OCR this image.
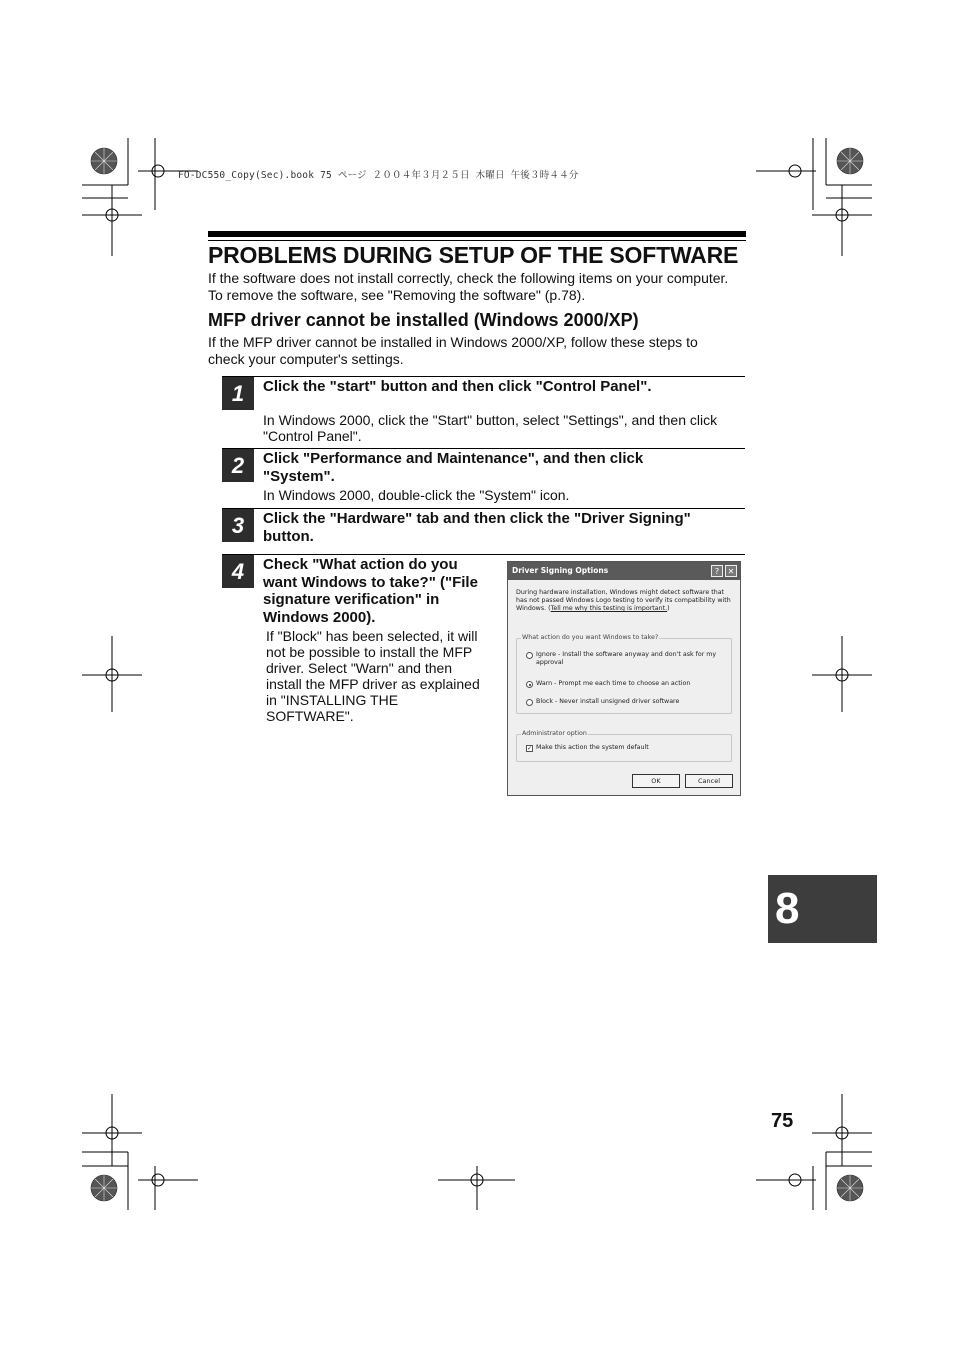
FO-DC550_Copy(Sec).book 75 ページ ２００４年３月２５日 木曜日 午後３時４４分
PROBLEMS DURING SETUP OF THE SOFTWARE
If the software does not install correctly, check the following items on your computer.
To remove the software, see "Removing the software" (p.78).
MFP driver cannot be installed (Windows 2000/XP)
If the MFP driver cannot be installed in Windows 2000/XP, follow these steps to
check your computer's settings.
1	Click the "start" button and then click "Control Panel".
In Windows 2000, click the "Start" button, select "Settings", and then click
"Control Panel".
2	Click "Performance and Maintenance", and then click
"System".
In Windows 2000, double-click the "System" icon.
3	Click the "Hardware" tab and then click the "Driver Signing"
button.
4	Check "What action do you
want Windows to take?" ("File
signature verification" in
Windows 2000).
If "Block" has been selected, it will
not be possible to install the MFP
driver. Select "Warn" and then
install the MFP driver as explained
in "INSTALLING THE
SOFTWARE".
Driver Signing Options	?	✕
During hardware installation, Windows might detect software that
has not passed Windows Logo testing to verify its compatibility with
Windows. (Tell me why this testing is important.)
What action do you want Windows to take?
Ignore - Install the software anyway and don't ask for my
approval
Warn - Prompt me each time to choose an action
Block - Never install unsigned driver software
Administrator option
✓ Make this action the system default
OK	Cancel
8
75
